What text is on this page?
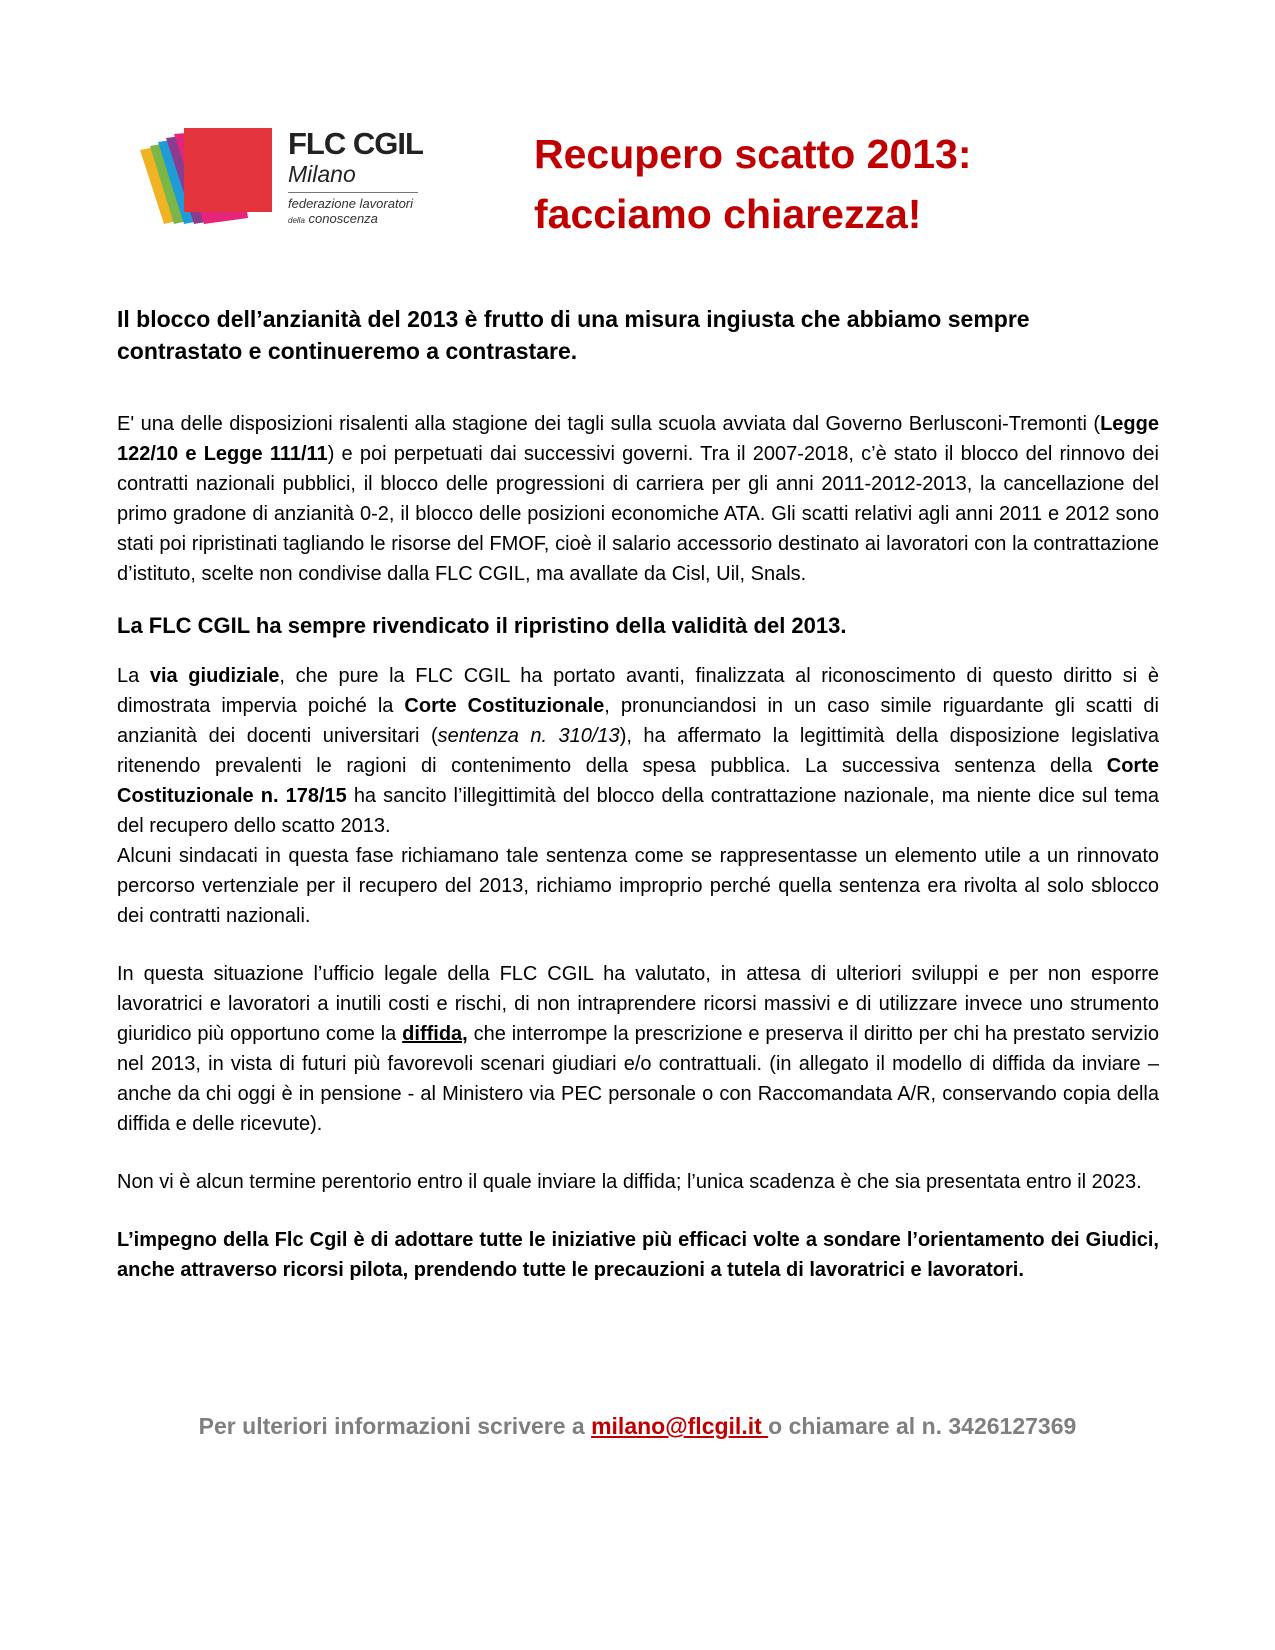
FLC CGIL
Milano
federazione lavoratori
della conoscenza
Recupero scatto 2013:
facciamo chiarezza!

Il blocco dell’anzianità del 2013 è frutto di una misura ingiusta che abbiamo sempre contrastato e continueremo a contrastare.

E' una delle disposizioni risalenti alla stagione dei tagli sulla scuola avviata dal Governo Berlusconi-Tremonti (Legge 122/10 e Legge 111/11) e poi perpetuati dai successivi governi. Tra il 2007-2018, c’è stato il blocco del rinnovo dei contratti nazionali pubblici, il blocco delle progressioni di carriera per gli anni 2011-2012-2013, la cancellazione del primo gradone di anzianità 0-2, il blocco delle posizioni economiche ATA. Gli scatti relativi agli anni 2011 e 2012 sono stati poi ripristinati tagliando le risorse del FMOF, cioè il salario accessorio destinato ai lavoratori con la contrattazione d’istituto, scelte non condivise dalla FLC CGIL, ma avallate da Cisl, Uil, Snals.

La FLC CGIL ha sempre rivendicato il ripristino della validità del 2013.

La via giudiziale, che pure la FLC CGIL ha portato avanti, finalizzata al riconoscimento di questo diritto si è dimostrata impervia poiché la Corte Costituzionale, pronunciandosi in un caso simile riguardante gli scatti di anzianità dei docenti universitari (sentenza n. 310/13), ha affermato la legittimità della disposizione legislativa ritenendo prevalenti le ragioni di contenimento della spesa pubblica. La successiva sentenza della Corte Costituzionale n. 178/15 ha sancito l’illegittimità del blocco della contrattazione nazionale, ma niente dice sul tema del recupero dello scatto 2013.

Alcuni sindacati in questa fase richiamano tale sentenza come se rappresentasse un elemento utile a un rinnovato percorso vertenziale per il recupero del 2013, richiamo improprio perché quella sentenza era rivolta al solo sblocco dei contratti nazionali.

In questa situazione l’ufficio legale della FLC CGIL ha valutato, in attesa di ulteriori sviluppi e per non esporre lavoratrici e lavoratori a inutili costi e rischi, di non intraprendere ricorsi massivi e di utilizzare invece uno strumento giuridico più opportuno come la diffida, che interrompe la prescrizione e preserva il diritto per chi ha prestato servizio nel 2013, in vista di futuri più favorevoli scenari giudiari e/o contrattuali. (in allegato il modello di diffida da inviare – anche da chi oggi è in pensione - al Ministero via PEC personale o con Raccomandata A/R, conservando copia della diffida e delle ricevute).

Non vi è alcun termine perentorio entro il quale inviare la diffida; l’unica scadenza è che sia presentata entro il 2023.

L’impegno della Flc Cgil è di adottare tutte le iniziative più efficaci volte a sondare l’orientamento dei Giudici, anche attraverso ricorsi pilota, prendendo tutte le precauzioni a tutela di lavoratrici e lavoratori.

Per ulteriori informazioni scrivere a milano@flcgil.it o chiamare al n. 3426127369
